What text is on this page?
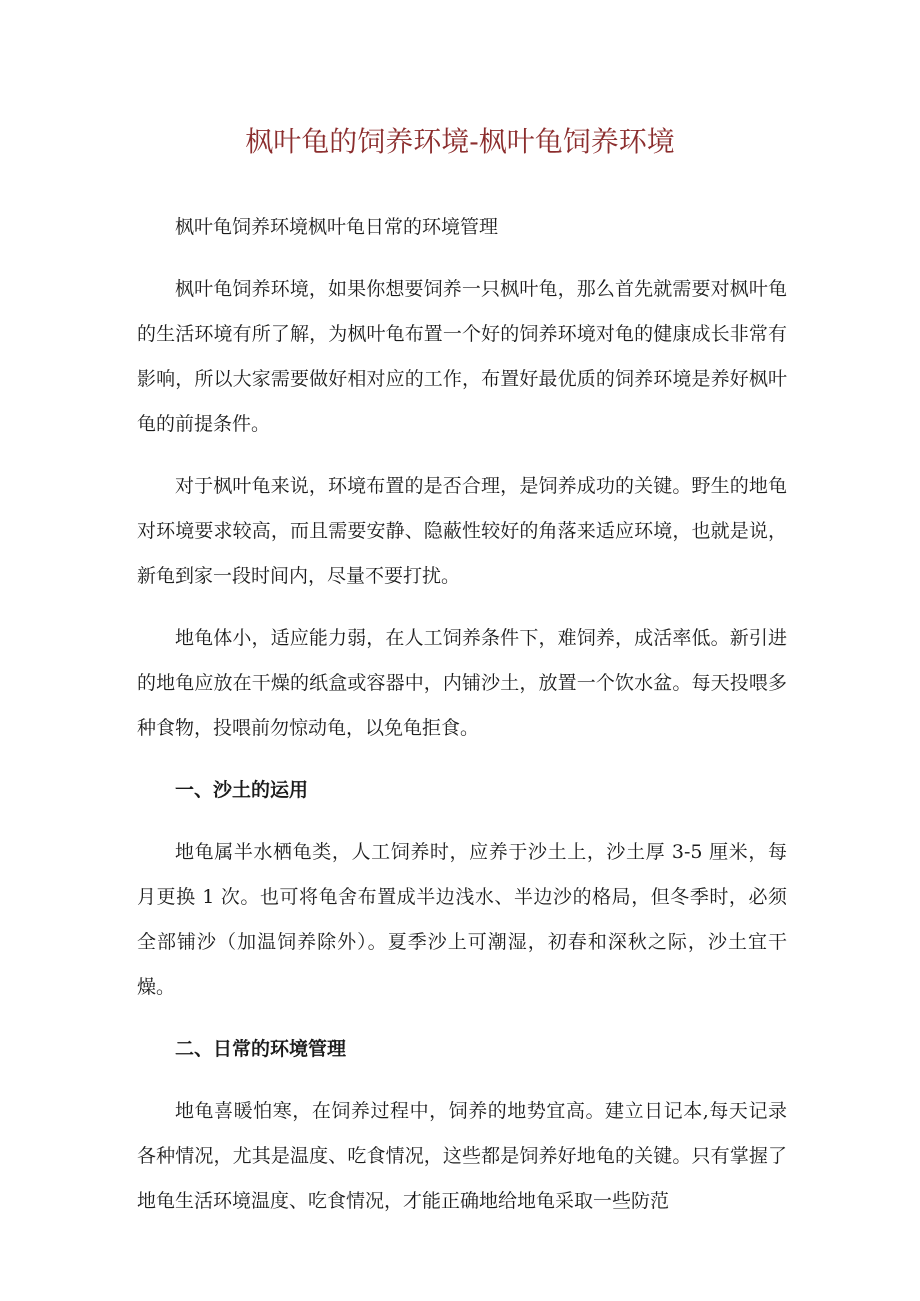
枫叶龟的饲养环境-枫叶龟饲养环境

枫叶龟饲养环境枫叶龟日常的环境管理

枫叶龟饲养环境，如果你想要饲养一只枫叶龟，那么首先就需要对枫叶龟的生活环境有所了解，为枫叶龟布置一个好的饲养环境对龟的健康成长非常有影响，所以大家需要做好相对应的工作，布置好最优质的饲养环境是养好枫叶龟的前提条件。

对于枫叶龟来说，环境布置的是否合理，是饲养成功的关键。野生的地龟对环境要求较高，而且需要安静、隐蔽性较好的角落来适应环境，也就是说，新龟到家一段时间内，尽量不要打扰。

地龟体小，适应能力弱，在人工饲养条件下，难饲养，成活率低。新引进的地龟应放在干燥的纸盒或容器中，内铺沙土，放置一个饮水盆。每天投喂多种食物，投喂前勿惊动龟，以免龟拒食。

一、沙土的运用

地龟属半水栖龟类，人工饲养时，应养于沙土上，沙土厚 3-5 厘米，每月更换 1 次。也可将龟舍布置成半边浅水、半边沙的格局，但冬季时，必须全部铺沙（加温饲养除外）。夏季沙上可潮湿，初春和深秋之际，沙土宜干燥。

二、日常的环境管理

地龟喜暖怕寒，在饲养过程中，饲养的地势宜高。建立日记本,每天记录各种情况，尤其是温度、吃食情况，这些都是饲养好地龟的关键。只有掌握了地龟生活环境温度、吃食情况，才能正确地给地龟采取一些防范
